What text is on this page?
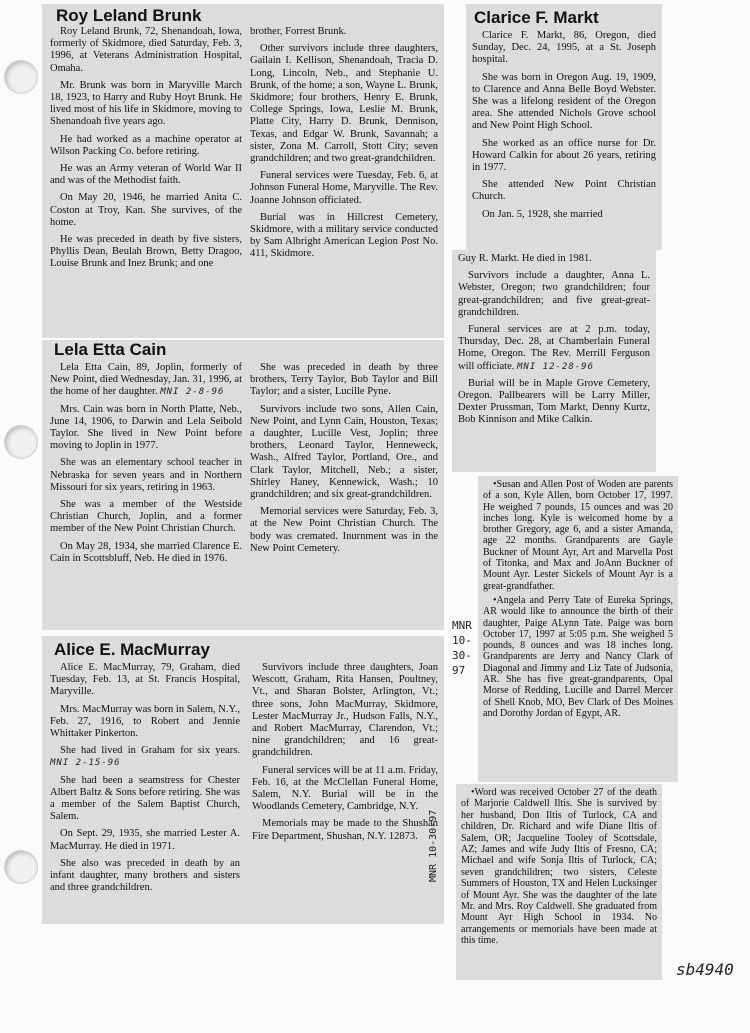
Roy Leland Brunk

Roy Leland Brunk, 72, Shenandoah, Iowa, formerly of Skidmore, died Saturday, Feb. 3, 1996, at Veterans Administration Hospital, Omaha.

Mr. Brunk was born in Maryville March 18, 1923, to Harry and Ruby Hoyt Brunk. He lived most of his life in Skidmore, moving to Shenandoah five years ago.

He had worked as a machine operator at Wilson Packing Co. before retiring.

He was an Army veteran of World War II and was of the Methodist faith.

On May 20, 1946, he married Anita C. Coston at Troy, Kan. She survives, of the home.

He was preceded in death by five sisters, Phyllis Dean, Beulah Brown, Betty Dragoo, Louise Brunk and Inez Brunk; and one

brother, Forrest Brunk.

Other survivors include three daughters, Gailain I. Kellison, Shenandoah, Tracia D. Long, Lincoln, Neb., and Stephanie U. Brunk, of the home; a son, Wayne L. Brunk, Skidmore; four brothers, Henry E. Brunk, College Springs, Iowa, Leslie M. Brunk, Platte City, Harry D. Brunk, Dennison, Texas, and Edgar W. Brunk, Savannah; a sister, Zona M. Carroll, Stott City; seven grandchildren; and two great-grandchildren.

Funeral services were Tuesday, Feb. 6, at Johnson Funeral Home, Maryville. The Rev. Joanne Johnson officiated.

Burial was in Hillcrest Cemetery, Skidmore, with a military service conducted by Sam Albright American Legion Post No. 411, Skidmore.

Lela Etta Cain

Lela Etta Cain, 89, Joplin, formerly of New Point, died Wednesday, Jan. 31, 1996, at the home of her daughter. MNI 2-8-96

Mrs. Cain was born in North Platte, Neb., June 14, 1906, to Darwin and Lela Seibold Taylor. She lived in New Point before moving to Joplin in 1977.

She was an elementary school teacher in Nebraska for seven years and in Northern Missouri for six years, retiring in 1963.

She was a member of the Westside Christian Church, Joplin, and a former member of the New Point Christian Church.

On May 28, 1934, she married Clarence E. Cain in Scottsbluff, Neb. He died in 1976.

She was preceded in death by three brothers, Terry Taylor, Bob Taylor and Bill Taylor; and a sister, Lucille Pyne.

Survivors include two sons, Allen Cain, New Point, and Lynn Cain, Houston, Texas; a daughter, Lucille Vest, Joplin; three brothers, Leonard Taylor, Henneweck, Wash., Alfred Taylor, Portland, Ore., and Clark Taylor, Mitchell, Neb.; a sister, Shirley Haney, Kennewick, Wash.; 10 grandchildren; and six great-grandchildren.

Memorial services were Saturday, Feb. 3, at the New Point Christian Church. The body was cremated. Inurnment was in the New Point Cemetery.

Alice E. MacMurray

Alice E. MacMurray, 79, Graham, died Tuesday, Feb. 13, at St. Francis Hospital, Maryville.

Mrs. MacMurray was born in Salem, N.Y., Feb. 27, 1916, to Robert and Jennie Whittaker Pinkerton.

She had lived in Graham for six years. MNI 2-15-96

She had been a seamstress for Chester Albert Baltz & Sons before retiring. She was a member of the Salem Baptist Church, Salem.

On Sept. 29, 1935, she married Lester A. MacMurray. He died in 1971.

She also was preceded in death by an infant daughter, many brothers and sisters and three grandchildren.

Survivors include three daughters, Joan Wescott, Graham, Rita Hansen, Poultney, Vt., and Sharan Bolster, Arlington, Vt.; three sons, John MacMurray, Skidmore, Lester MacMurray Jr., Hudson Falls, N.Y., and Robert MacMurray, Clarendon, Vt.; nine grandchildren; and 16 great-grandchildren.

Funeral services will be at 11 a.m. Friday, Feb. 16, at the McClellan Funeral Home, Salem, N.Y. Burial will be in the Woodlands Cemetery, Cambridge, N.Y.

Memorials may be made to the Shushan Fire Department, Shushan, N.Y. 12873.

Clarice F. Markt

Clarice F. Markt, 86, Oregon, died Sunday, Dec. 24, 1995, at a St. Joseph hospital.

She was born in Oregon Aug. 19, 1909, to Clarence and Anna Belle Boyd Webster. She was a lifelong resident of the Oregon area. She attended Nichols Grove school and New Point High School.

She worked as an office nurse for Dr. Howard Calkin for about 26 years, retiring in 1977.

She attended New Point Christian Church.

On Jan. 5, 1928, she married

Guy R. Markt. He died in 1981.

Survivors include a daughter, Anna L. Webster, Oregon; two grandchildren; four great-grandchildren; and five great-great-grandchildren.

Funeral services are at 2 p.m. today, Thursday, Dec. 28, at Chamberlain Funeral Home, Oregon. The Rev. Merrill Ferguson will officiate. MNI 12-28-96

Burial will be in Maple Grove Cemetery, Oregon. Pallbearers will be Larry Miller, Dexter Prussman, Tom Markt, Denny Kurtz, Bob Kinnison and Mike Calkin.

MNR
10-
30-
97

•Susan and Allen Post of Woden are parents of a son, Kyle Allen, born October 17, 1997. He weighed 7 pounds, 15 ounces and was 20 inches long. Kyle is welcomed home by a brother Gregory, age 6, and a sister Amanda, age 22 months. Grandparents are Gayle Buckner of Mount Ayr, Art and Marvella Post of Titonka, and Max and JoAnn Buckner of Mount Ayr. Lester Sickels of Mount Ayr is a great-grandfather.

•Angela and Perry Tate of Eureka Springs, AR would like to announce the birth of their daughter, Paige ALynn Tate. Paige was born October 17, 1997 at 5:05 p.m. She weighed 5 pounds, 8 ounces and was 18 inches long. Grandparents are Jerry and Nancy Clark of Diagonal and Jimmy and Liz Tate of Judsonia, AR. She has five great-grandparents, Opal Morse of Redding, Lucille and Darrel Mercer of Shell Knob, MO, Bev Clark of Des Moines and Dorothy Jordan of Egypt, AR.

MNR 10-30-97

•Word was received October 27 of the death of Marjorie Caldwell Iltis. She is survived by her husband, Don Iltis of Turlock, CA and children, Dr. Richard and wife Diane Iltis of Salem, OR; Jacqueline Tooley of Scottsdale, AZ; James and wife Judy Iltis of Fresno, CA; Michael and wife Sonja Iltis of Turlock, CA; seven grandchildren; two sisters, Celeste Summers of Houston, TX and Helen Lucksinger of Mount Ayr. She was the daughter of the late Mr. and Mrs. Roy Caldwell. She graduated from Mount Ayr High School in 1934. No arrangements or memorials have been made at this time.

sb4940
